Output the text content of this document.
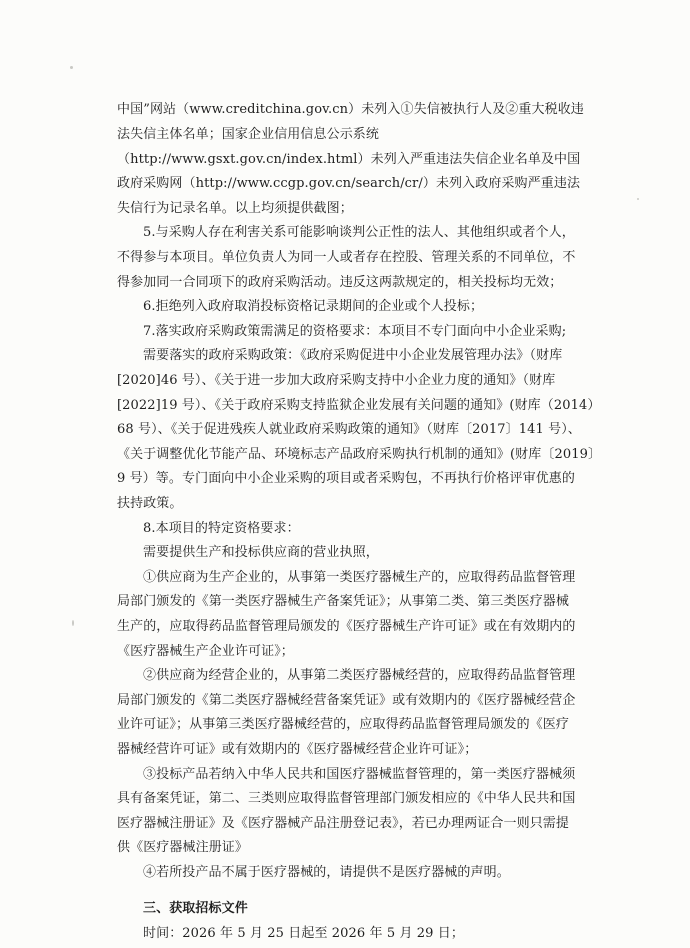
中国”网站（www.creditchina.gov.cn）未列入①失信被执行人及②重大税收违
法失信主体名单；国家企业信用信息公示系统
（http://www.gsxt.gov.cn/index.html）未列入严重违法失信企业名单及中国
政府采购网（http://www.ccgp.gov.cn/search/cr/）未列入政府采购严重违法
失信行为记录名单。以上均须提供截图；
5.与采购人存在利害关系可能影响谈判公正性的法人、其他组织或者个人，
不得参与本项目。单位负责人为同一人或者存在控股、管理关系的不同单位，不
得参加同一合同项下的政府采购活动。违反这两款规定的，相关投标均无效；
6.拒绝列入政府取消投标资格记录期间的企业或个人投标；
7.落实政府采购政策需满足的资格要求：本项目不专门面向中小企业采购;
需要落实的政府采购政策：《政府采购促进中小企业发展管理办法》（财库
[2020]46 号）、《关于进一步加大政府采购支持中小企业力度的通知》（财库
[2022]19 号）、《关于政府采购支持监狱企业发展有关问题的通知》(财库（2014）
68 号）、《关于促进残疾人就业政府采购政策的通知》（财库〔2017〕141 号）、
《关于调整优化节能产品、环境标志产品政府采购执行机制的通知》(财库〔2019〕
9 号）等。专门面向中小企业采购的项目或者采购包，不再执行价格评审优惠的
扶持政策。
8.本项目的特定资格要求：
需要提供生产和投标供应商的营业执照，
①供应商为生产企业的，从事第一类医疗器械生产的，应取得药品监督管理
局部门颁发的《第一类医疗器械生产备案凭证》；从事第二类、第三类医疗器械
生产的，应取得药品监督管理局颁发的《医疗器械生产许可证》或在有效期内的
《医疗器械生产企业许可证》；
②供应商为经营企业的，从事第二类医疗器械经营的，应取得药品监督管理
局部门颁发的《第二类医疗器械经营备案凭证》或有效期内的《医疗器械经营企
业许可证》；从事第三类医疗器械经营的，应取得药品监督管理局颁发的《医疗
器械经营许可证》或有效期内的《医疗器械经营企业许可证》；
③投标产品若纳入中华人民共和国医疗器械监督管理的，第一类医疗器械须
具有备案凭证，第二、三类则应取得监督管理部门颁发相应的《中华人民共和国
医疗器械注册证》及《医疗器械产品注册登记表》，若已办理两证合一则只需提
供《医疗器械注册证》
④若所投产品不属于医疗器械的，请提供不是医疗器械的声明。
三、获取招标文件
时间：2026 年 5 月 25 日起至 2026 年 5 月 29 日；
